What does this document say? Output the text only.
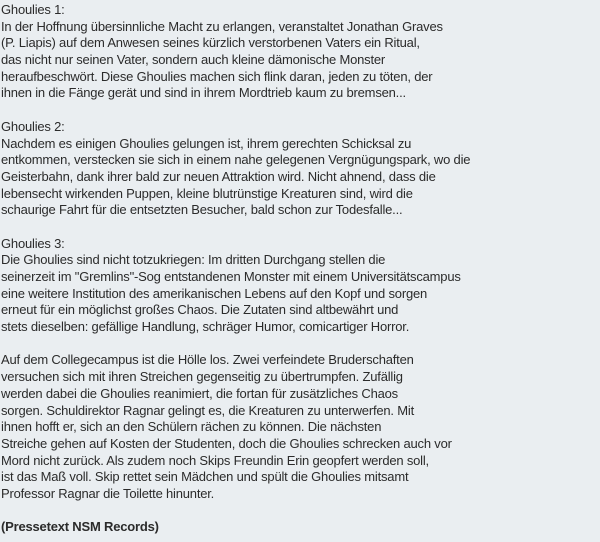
Ghoulies 1:
In der Hoffnung übersinnliche Macht zu erlangen, veranstaltet Jonathan Graves
(P. Liapis) auf dem Anwesen seines kürzlich verstorbenen Vaters ein Ritual,
das nicht nur seinen Vater, sondern auch kleine dämonische Monster
heraufbeschwört. Diese Ghoulies machen sich flink daran, jeden zu töten, der
ihnen in die Fänge gerät und sind in ihrem Mordtrieb kaum zu bremsen...
Ghoulies 2:
Nachdem es einigen Ghoulies gelungen ist, ihrem gerechten Schicksal zu
entkommen, verstecken sie sich in einem nahe gelegenen Vergnügungspark, wo die
Geisterbahn, dank ihrer bald zur neuen Attraktion wird. Nicht ahnend, dass die
lebensecht wirkenden Puppen, kleine blutrünstige Kreaturen sind, wird die
schaurige Fahrt für die entsetzten Besucher, bald schon zur Todesfalle...
Ghoulies 3:
Die Ghoulies sind nicht totzukriegen: Im dritten Durchgang stellen die
seinerzeit im "Gremlins"-Sog entstandenen Monster mit einem Universitätscampus
eine weitere Institution des amerikanischen Lebens auf den Kopf und sorgen
erneut für ein möglichst großes Chaos. Die Zutaten sind altbewährt und
stets dieselben: gefällige Handlung, schräger Humor, comicartiger Horror.
Auf dem Collegecampus ist die Hölle los. Zwei verfeindete Bruderschaften
versuchen sich mit ihren Streichen gegenseitig zu übertrumpfen. Zufällig
werden dabei die Ghoulies reanimiert, die fortan für zusätzliches Chaos
sorgen. Schuldirektor Ragnar gelingt es, die Kreaturen zu unterwerfen. Mit
ihnen hofft er, sich an den Schülern rächen zu können. Die nächsten
Streiche gehen auf Kosten der Studenten, doch die Ghoulies schrecken auch vor
Mord nicht zurück. Als zudem noch Skips Freundin Erin geopfert werden soll,
ist das Maß voll. Skip rettet sein Mädchen und spült die Ghoulies mitsamt
Professor Ragnar die Toilette hinunter.
(Pressetext NSM Records)
